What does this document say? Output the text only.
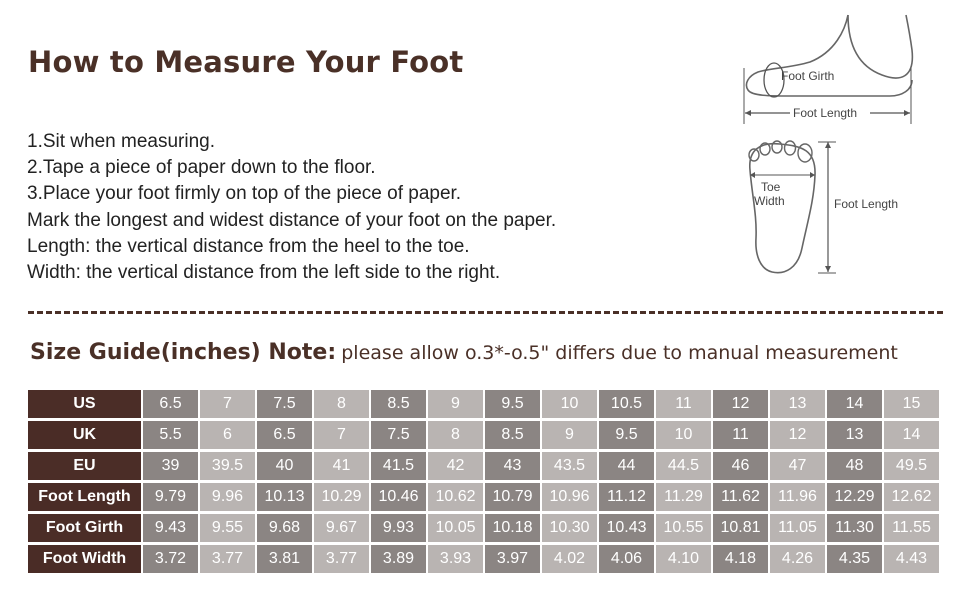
How to Measure Your Foot
1.Sit when measuring.
2.Tape a piece of paper down to the floor.
3.Place your foot firmly on top of the piece of paper.
Mark the longest and widest distance of your foot on the paper.
Length: the vertical distance from the heel to the toe.
Width: the vertical distance from the left side to the right.
Foot Girth
Foot Length
Toe
Width	Foot Length
Size Guide(inches) Note: please allow o.3*-o.5" differs due to manual measurement
US	6.5	7	7.5	8	8.5	9	9.5	10	10.5	11	12	13	14	15
UK	5.5	6	6.5	7	7.5	8	8.5	9	9.5	10	11	12	13	14
EU	39	39.5	40	41	41.5	42	43	43.5	44	44.5	46	47	48	49.5
Foot Length	9.79	9.96	10.13	10.29	10.46	10.62	10.79	10.96	11.12	11.29	11.62	11.96	12.29	12.62
Foot Girth	9.43	9.55	9.68	9.67	9.93	10.05	10.18	10.30	10.43	10.55	10.81	11.05	11.30	11.55
Foot Width	3.72	3.77	3.81	3.77	3.89	3.93	3.97	4.02	4.06	4.10	4.18	4.26	4.35	4.43
